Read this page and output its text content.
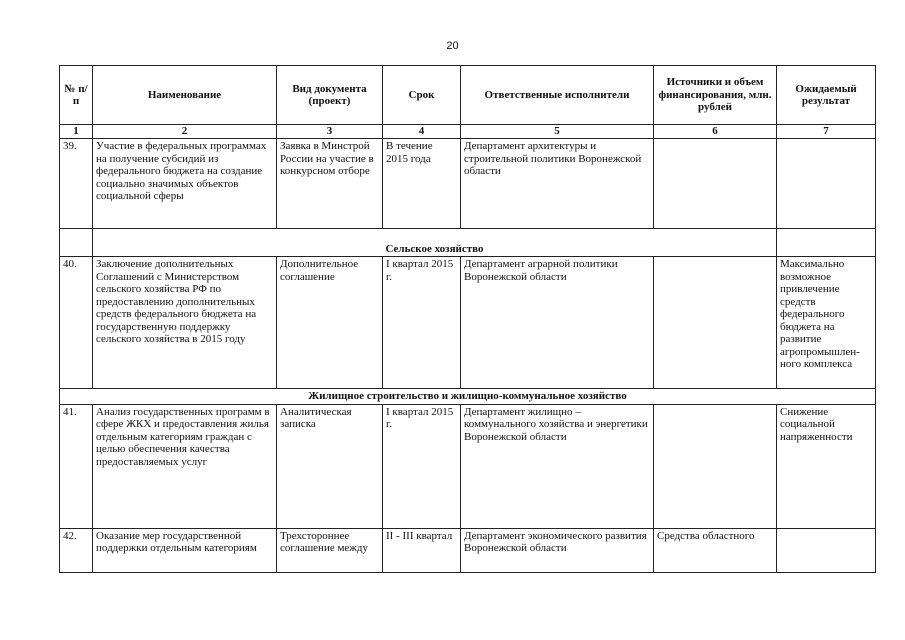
20
№ п/п	Наименование	Вид документа (проект)	Срок	Ответственные исполнители	Источники и объем финансирования, млн. рублей	Ожидаемый результат
1	2	3	4	5	6	7
39.	Участие в федеральных программах на получение субсидий из федерального бюджета на создание социально значимых объектов социальной сферы	Заявка в Минстрой России на участие в конкурсном отборе	В течение 2015 года	Департамент архитектуры и строительной политики Воронежской области		
	Сельское хозяйство					
40.	Заключение дополнительных Соглашений с Министерством сельского хозяйства РФ по предоставлению дополнительных средств федерального бюджета на государственную поддержку сельского хозяйства в 2015 году	Дополнительное соглашение	I квартал 2015 г.	Департамент аграрной политики Воронежской области		Максимально возможное привлечение средств федерального бюджета на развитие агропромышлен-ного комплекса
Жилищное строительство и жилищно-коммунальное хозяйство						
41.	Анализ государственных программ в сфере ЖКХ и предоставления жилья отдельным категориям граждан с целью обеспечения качества предоставляемых услуг	Аналитическая записка	I квартал 2015 г.	Департамент жилищно – коммунального хозяйства и энергетики Воронежской области		Снижение социальной напряженности
42.	Оказание мер государственной поддержки отдельным категориям	Трехстороннее соглашение между	II - III квартал	Департамент экономического развития Воронежской области	Средства областного	
